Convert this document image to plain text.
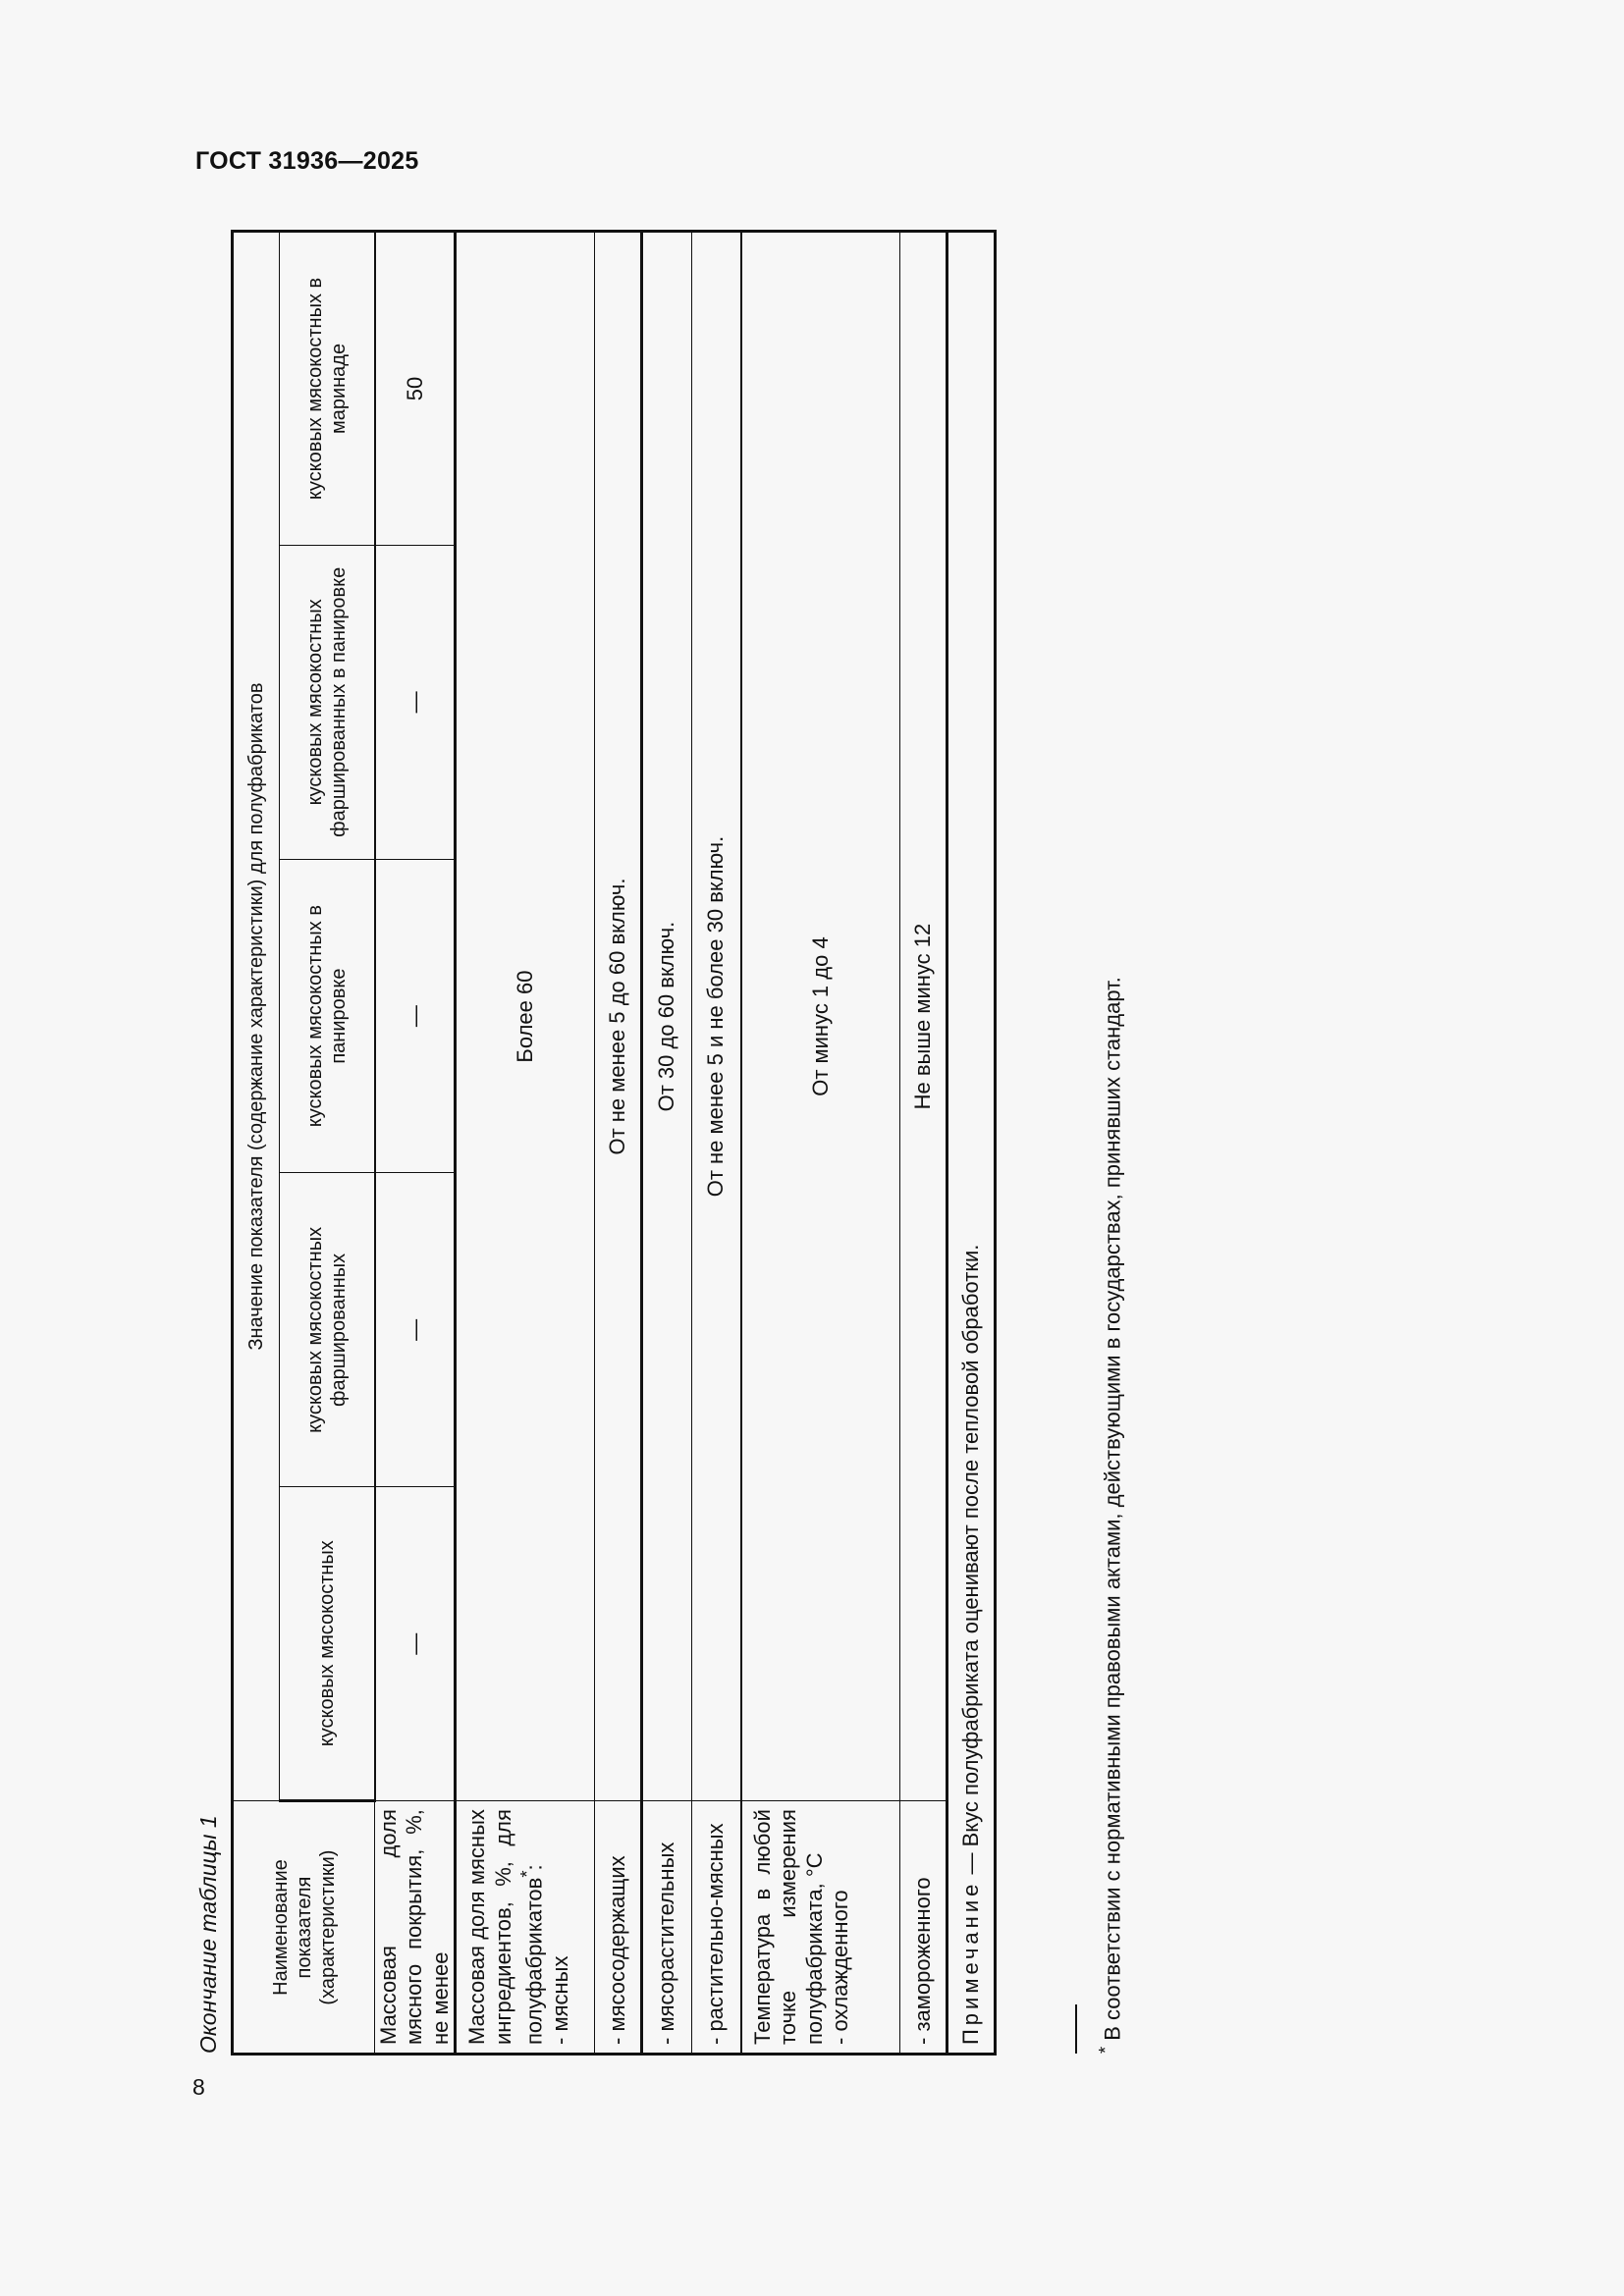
ГОСТ 31936—2025
8
Окончание таблицы 1 Наименование показателя (характеристики)	Значение показателя (содержание характеристики) для полуфабрикатов				
	кусковых мясокостных	кусковых мясокостных фаршированных	кусковых мясокостных в панировке	кусковых мясокостных фаршированных в панировке	кусковых мясокостных в маринаде
Массовая доля мясного покрытия, %, не менее	—	—	—	—	50
Массовая доля мясных ингредиентов, %, для полуфабрикатов*:
- мясных	Более 60				
- мясосодержащих	От не менее 5 до 60 включ.				
- мясорастительных	От 30 до 60 включ.				
- растительно-мясных	От не менее 5 и не более 30 включ.				
Температура в любой точке измерения полуфабриката, °С
- охлажденного	От минус 1 до 4				
- замороженного	Не выше минус 12				
Примечание — Вкус полуфабриката оценивают после тепловой обработки.					
* В соответствии с нормативными правовыми актами, действующими в государствах, принявших стандарт.
